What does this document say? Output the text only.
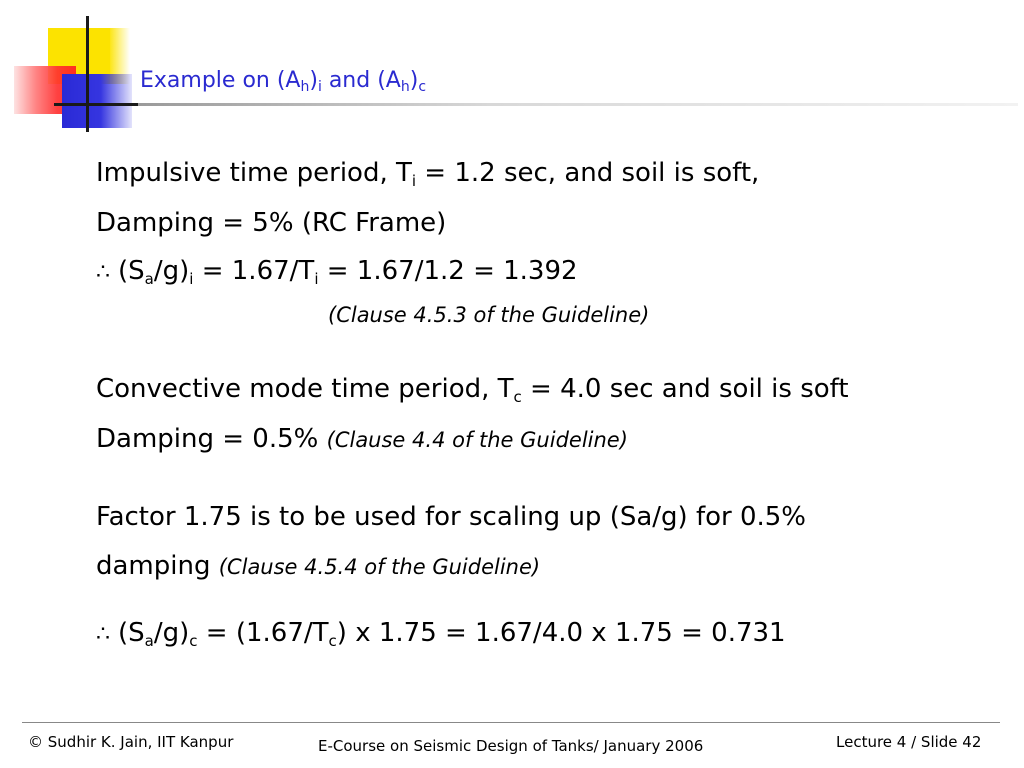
Example on $(A_h)_i$ and $(A_h)_c$
Impulsive time period, $T_i = 1.2$ sec, and soil is soft,
Damping = 5% (RC Frame)
∴ $(S_a/g)_i = 1.67/T_i = 1.67/1.2 = 1.392$
(Clause 4.5.3 of the Guideline)
Convective mode time period, $T_c = 4.0$ sec and soil is soft
Damping = 0.5% (Clause 4.4 of the Guideline)
Factor 1.75 is to be used for scaling up (Sa/g) for 0.5%
damping (Clause 4.5.4 of the Guideline)
∴ $(S_a/g)_c = (1.67/T_c)$ x 1.75 = 1.67/4.0 x 1.75 = 0.731
© Sudhir K. Jain, IIT Kanpur	E-Course on Seismic Design of Tanks/ January 2006	Lecture 4 / Slide 42
